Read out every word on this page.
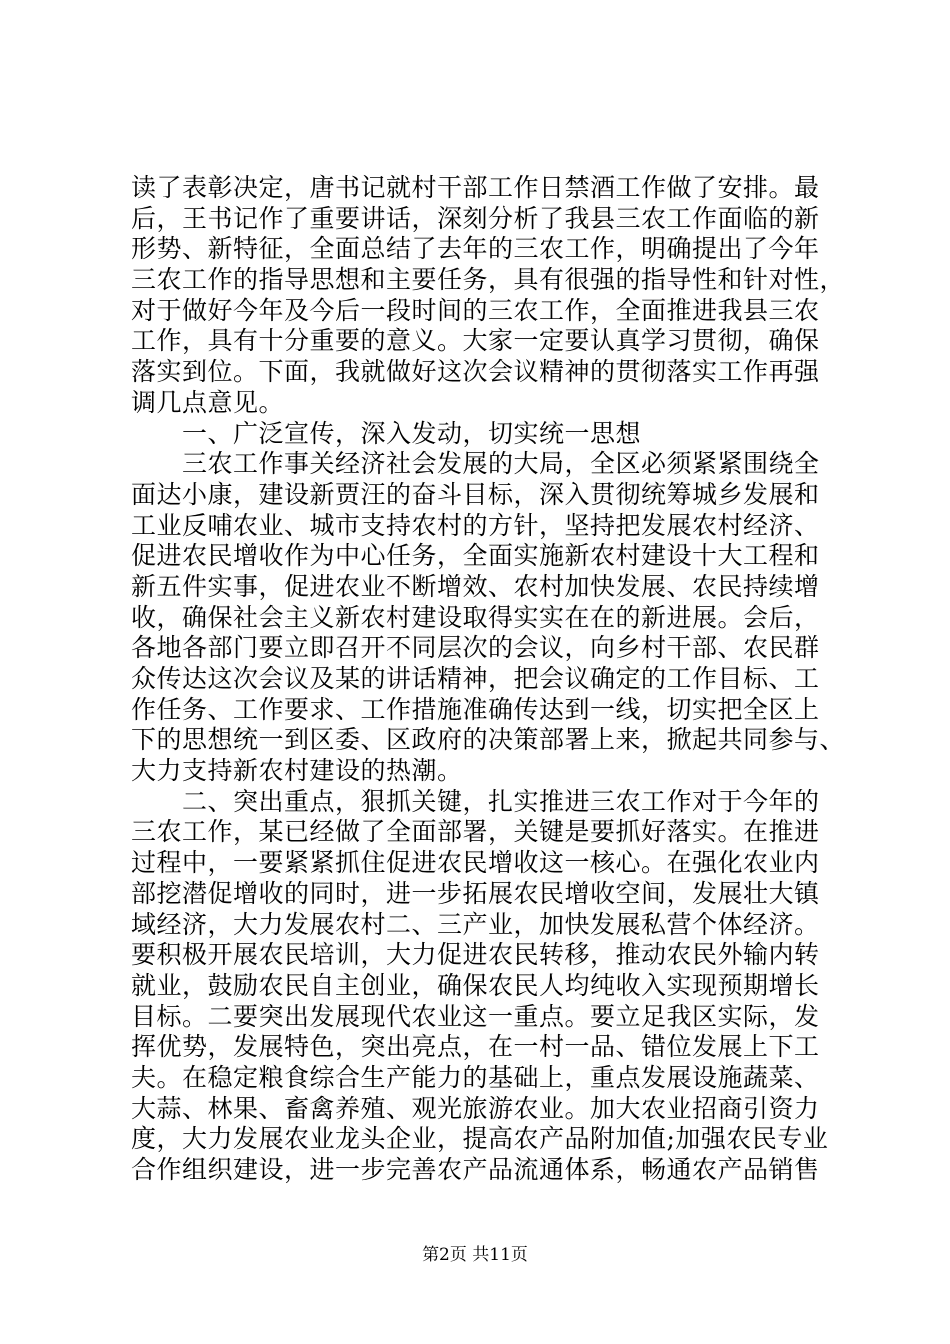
读了表彰决定，唐书记就村干部工作日禁酒工作做了安排。最
后，王书记作了重要讲话，深刻分析了我县三农工作面临的新
形势、新特征，全面总结了去年的三农工作，明确提出了今年
三农工作的指导思想和主要任务，具有很强的指导性和针对性，
对于做好今年及今后一段时间的三农工作，全面推进我县三农
工作，具有十分重要的意义。大家一定要认真学习贯彻，确保
落实到位。下面，我就做好这次会议精神的贯彻落实工作再强
调几点意见。
　　一、广泛宣传，深入发动，切实统一思想
　　三农工作事关经济社会发展的大局，全区必须紧紧围绕全
面达小康，建设新贾汪的奋斗目标，深入贯彻统筹城乡发展和
工业反哺农业、城市支持农村的方针，坚持把发展农村经济、
促进农民增收作为中心任务，全面实施新农村建设十大工程和
新五件实事，促进农业不断增效、农村加快发展、农民持续增
收，确保社会主义新农村建设取得实实在在的新进展。会后，
各地各部门要立即召开不同层次的会议，向乡村干部、农民群
众传达这次会议及某的讲话精神，把会议确定的工作目标、工
作任务、工作要求、工作措施准确传达到一线，切实把全区上
下的思想统一到区委、区政府的决策部署上来，掀起共同参与、
大力支持新农村建设的热潮。
　　二、突出重点，狠抓关键，扎实推进三农工作对于今年的
三农工作，某已经做了全面部署，关键是要抓好落实。在推进
过程中，一要紧紧抓住促进农民增收这一核心。在强化农业内
部挖潜促增收的同时，进一步拓展农民增收空间，发展壮大镇
域经济，大力发展农村二、三产业，加快发展私营个体经济。
要积极开展农民培训，大力促进农民转移，推动农民外输内转
就业，鼓励农民自主创业，确保农民人均纯收入实现预期增长
目标。二要突出发展现代农业这一重点。要立足我区实际，发
挥优势，发展特色，突出亮点，在一村一品、错位发展上下工
夫。在稳定粮食综合生产能力的基础上，重点发展设施蔬菜、
大蒜、林果、畜禽养殖、观光旅游农业。加大农业招商引资力
度，大力发展农业龙头企业，提高农产品附加值;加强农民专业
合作组织建设，进一步完善农产品流通体系，畅通农产品销售
第2页 共11页
